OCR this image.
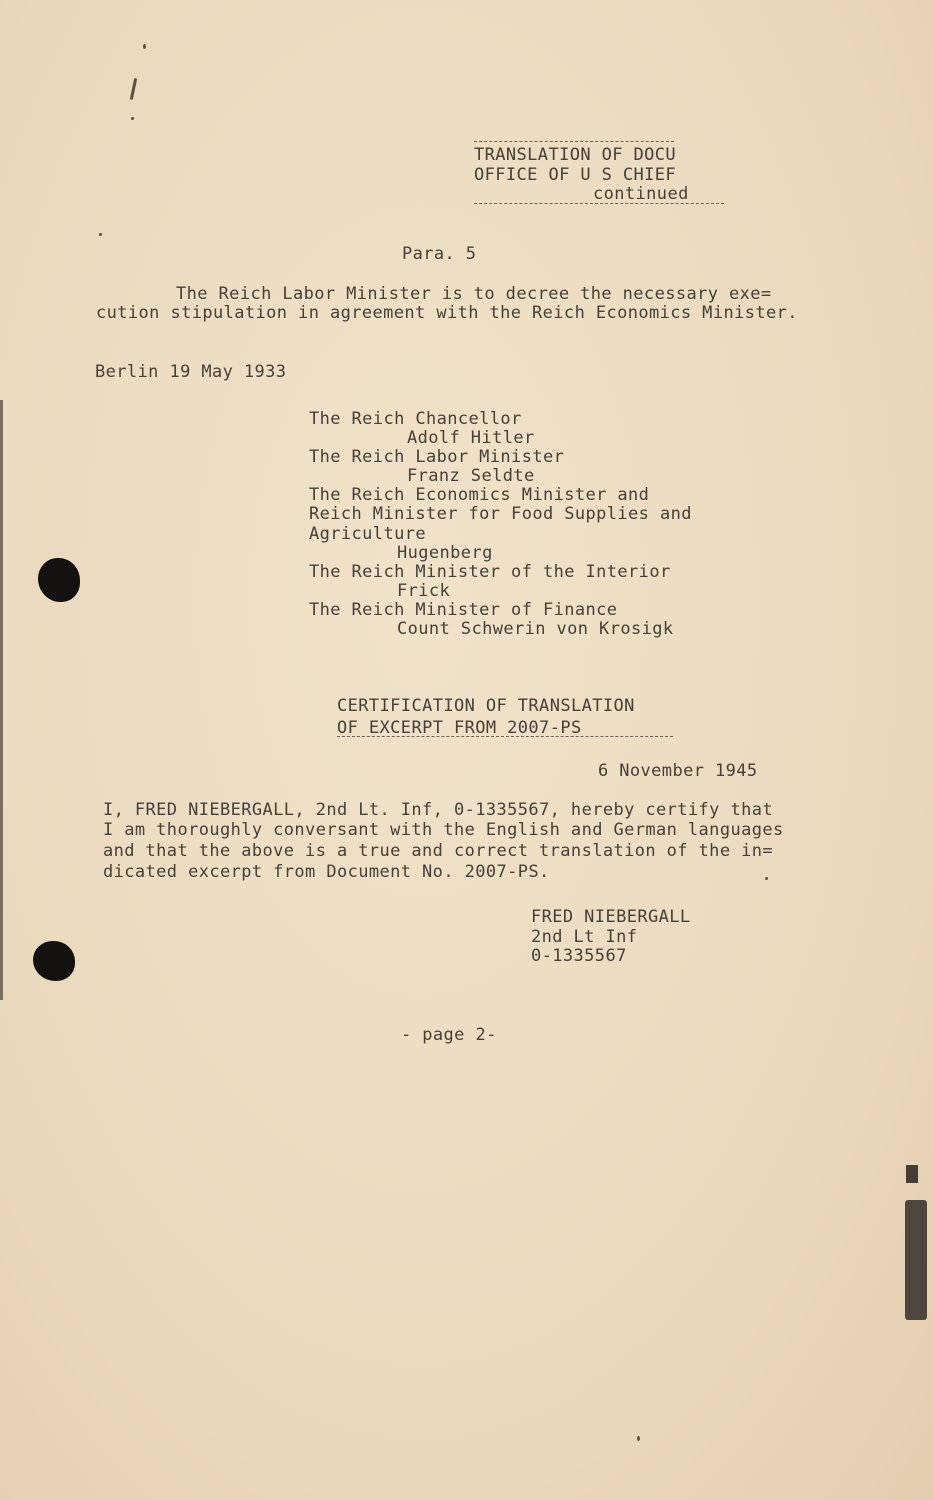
TRANSLATION OF DOCU
OFFICE OF U S CHIEF
continued
Para. 5
The Reich Labor Minister is to decree the necessary exe=
cution stipulation in agreement with the Reich Economics Minister.
Berlin 19 May 1933
The Reich Chancellor
Adolf Hitler
The Reich Labor Minister
Franz Seldte
The Reich Economics Minister and
Reich Minister for Food Supplies and
Agriculture
Hugenberg
The Reich Minister of the Interior
Frick
The Reich Minister of Finance
Count Schwerin von Krosigk
CERTIFICATION OF TRANSLATION
OF EXCERPT FROM 2007-PS
6 November 1945
I, FRED NIEBERGALL, 2nd Lt. Inf, 0-1335567, hereby certify that
I am thoroughly conversant with the English and German languages
and that the above is a true and correct translation of the in=
dicated excerpt from Document No. 2007-PS.
FRED NIEBERGALL
2nd Lt Inf
0-1335567
- page 2-
